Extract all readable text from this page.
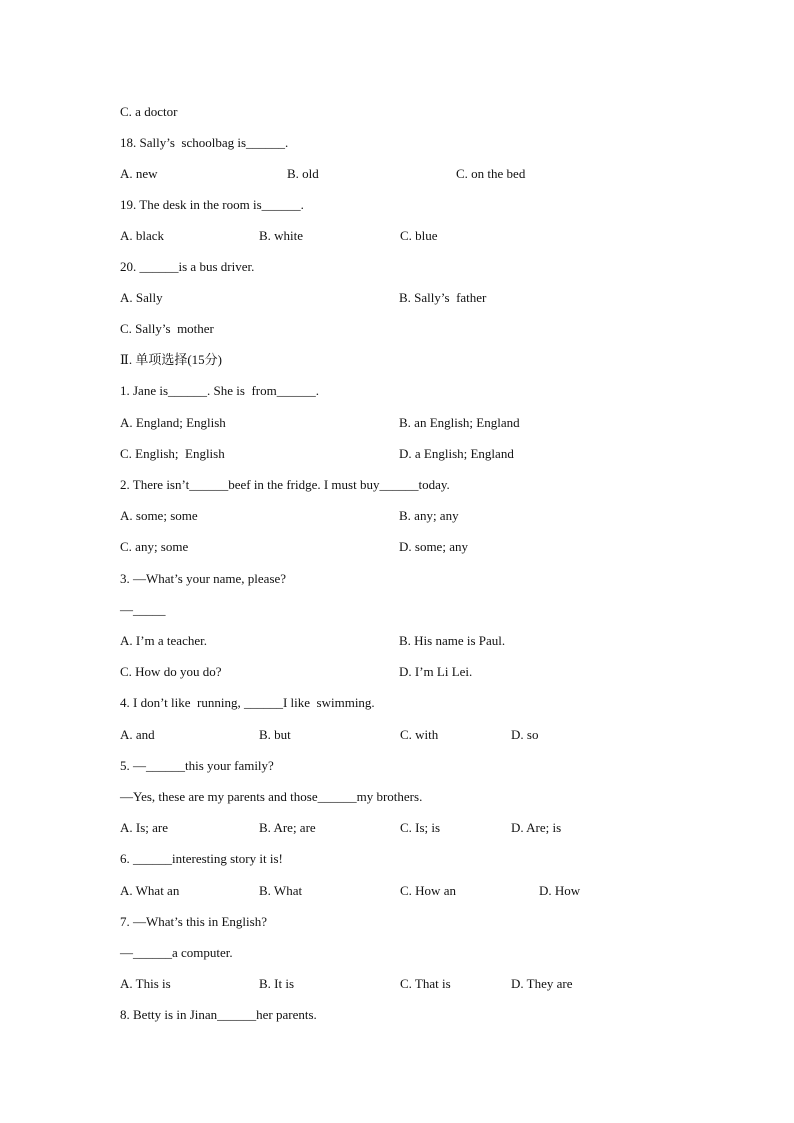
C. a doctor
18. Sally’s  schoolbag is______.
A. new	B. old	C. on the bed
19. The desk in the room is______.
A. black	B. white	C. blue
20. ______is a bus driver.
A. Sally	B. Sally’s  father
C. Sally’s  mother
Ⅱ. 单项选择(15分)
1. Jane is______. She is  from______.
A. England; English	B. an English; England
C. English;  English	D. a English; England
2. There isn’t______beef in the fridge. I must buy______today.
A. some; some	B. any; any
C. any; some	D. some; any
3. —What’s your name, please?
—_____
A. I’m a teacher.	B. His name is Paul.
C. How do you do?	D. I’m Li Lei.
4. I don’t like  running, ______I like  swimming.
A. and	B. but	C. with	D. so
5. —______this your family?
—Yes, these are my parents and those______my brothers.
A. Is; are	B. Are; are	C. Is; is	D. Are; is
6. ______interesting story it is!
A. What an	B. What	C. How an	D. How
7. —What’s this in English?
—______a computer.
A. This is	B. It is	C. That is	D. They are
8. Betty is in Jinan______her parents.
